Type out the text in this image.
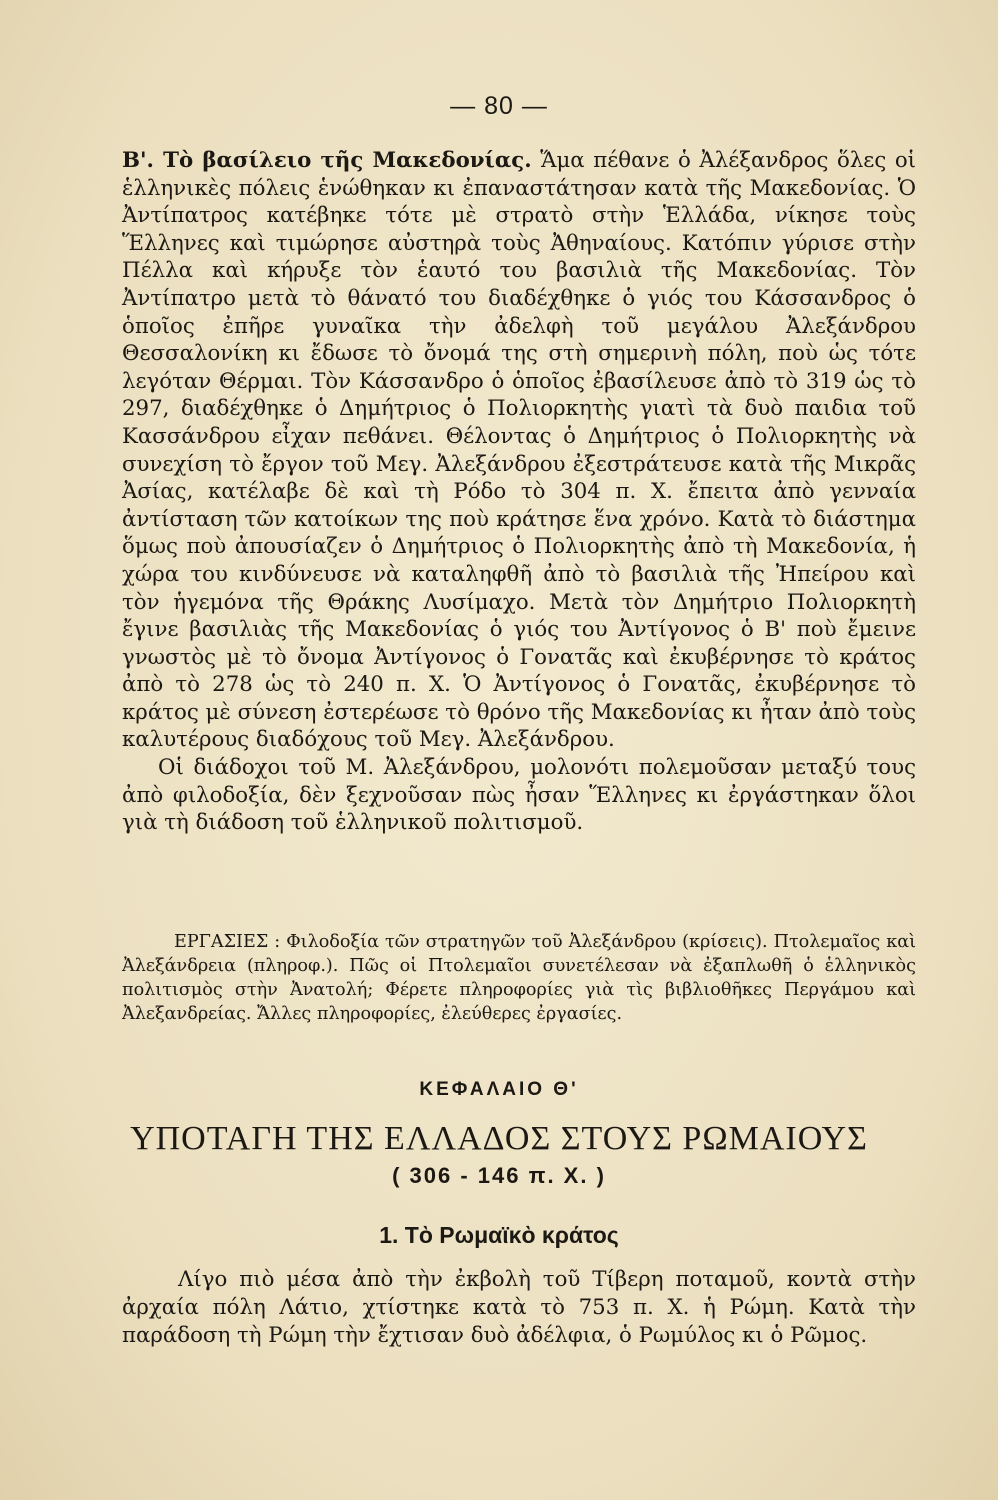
— 80 —

Β'. Τὸ βασίλειο τῆς Μακεδονίας. Ἅμα πέθανε ὁ Ἀλέξανδρος ὅλες οἱ ἑλληνικὲς πόλεις ἑνώθηκαν κι ἐπαναστάτησαν κατὰ τῆς Μακεδονίας. Ὁ Ἀντίπατρος κατέβηκε τότε μὲ στρατὸ στὴν Ἑλλάδα, νίκησε τοὺς Ἕλληνες καὶ τιμώρησε αὐστηρὰ τοὺς Ἀθηναίους. Κατόπιν γύρισε στὴν Πέλλα καὶ κήρυξε τὸν ἑαυτό του βασιλιὰ τῆς Μακεδονίας. Τὸν Ἀντίπατρο μετὰ τὸ θάνατό του διαδέχθηκε ὁ γιός του Κάσσανδρος ὁ ὁποῖος ἐπῆρε γυναῖκα τὴν ἀδελφὴ τοῦ μεγάλου Ἀλεξάνδρου Θεσσαλονίκη κι ἔδωσε τὸ ὄνομά της στὴ σημερινὴ πόλη, ποὺ ὡς τότε λεγόταν Θέρμαι. Τὸν Κάσσανδρο ὁ ὁποῖος ἐβασίλευσε ἀπὸ τὸ 319 ὡς τὸ 297, διαδέχθηκε ὁ Δημήτριος ὁ Πολιορκητὴς γιατὶ τὰ δυὸ παιδια τοῦ Κασσάνδρου εἶχαν πεθάνει. Θέλοντας ὁ Δημήτριος ὁ Πολιορκητὴς νὰ συνεχίση τὸ ἔργον τοῦ Μεγ. Ἀλεξάνδρου ἐξεστράτευσε κατὰ τῆς Μικρᾶς Ἀσίας, κατέλαβε δὲ καὶ τὴ Ρόδο τὸ 304 π. Χ. ἔπειτα ἀπὸ γενναία ἀντίσταση τῶν κατοίκων της ποὺ κράτησε ἕνα χρόνο. Κατὰ τὸ διάστημα ὅμως ποὺ ἀπουσίαζεν ὁ Δημήτριος ὁ Πολιορκητὴς ἀπὸ τὴ Μακεδονία, ἡ χώρα του κινδύνευσε νὰ καταληφθῆ ἀπὸ τὸ βασιλιὰ τῆς Ἠπείρου καὶ τὸν ἡγεμόνα τῆς Θράκης Λυσίμαχο. Μετὰ τὸν Δημήτριο Πολιορκητὴ ἔγινε βασιλιὰς τῆς Μακεδονίας ὁ γιός του Ἀντίγονος ὁ Β' ποὺ ἔμεινε γνωστὸς μὲ τὸ ὄνομα Ἀντίγονος ὁ Γονατᾶς καὶ ἐκυβέρνησε τὸ κράτος ἀπὸ τὸ 278 ὡς τὸ 240 π. Χ. Ὁ Ἀντίγονος ὁ Γονατᾶς, ἐκυβέρνησε τὸ κράτος μὲ σύνεση ἐστερέωσε τὸ θρόνο τῆς Μακεδονίας κι ἦταν ἀπὸ τοὺς καλυτέρους διαδόχους τοῦ Μεγ. Ἀλεξάνδρου.

Οἱ διάδοχοι τοῦ Μ. Ἀλεξάνδρου, μολονότι πολεμοῦσαν μεταξύ τους ἀπὸ φιλοδοξία, δὲν ξεχνοῦσαν πὼς ἦσαν Ἕλληνες κι ἐργάστηκαν ὅλοι γιὰ τὴ διάδοση τοῦ ἑλληνικοῦ πολιτισμοῦ.

ΕΡΓΑΣΙΕΣ : Φιλοδοξία τῶν στρατηγῶν τοῦ Ἀλεξάνδρου (κρίσεις). Πτολεμαῖος καὶ Ἀλεξάνδρεια (πληροφ.). Πῶς οἱ Πτολεμαῖοι συνετέλεσαν νὰ ἐξαπλωθῆ ὁ ἑλληνικὸς πολιτισμὸς στὴν Ἀνατολή; Φέρετε πληροφορίες γιὰ τὶς βιβλιοθῆκες Περγάμου καὶ Ἀλεξανδρείας. Ἄλλες πληροφορίες, ἐλεύθερες ἐργασίες.
ΚΕΦΑΛΑΙΟ Θ'
ΥΠΟΤΑΓΗ ΤΗΣ ΕΛΛΑΔΟΣ ΣΤΟΥΣ ΡΩΜΑΙΟΥΣ
( 306 - 146 π. Χ. )
1. Τὸ Ρωμαϊκὸ κράτος
Λίγο πιὸ μέσα ἀπὸ τὴν ἐκβολὴ τοῦ Τίβερη ποταμοῦ, κοντὰ στὴν ἀρχαία πόλη Λάτιο, χτίστηκε κατὰ τὸ 753 π. Χ. ἡ Ρώμη. Κατὰ τὴν παράδοση τὴ Ρώμη τὴν ἔχτισαν δυὸ ἀδέλφια, ὁ Ρωμύλος κι ὁ Ρῶμος.
